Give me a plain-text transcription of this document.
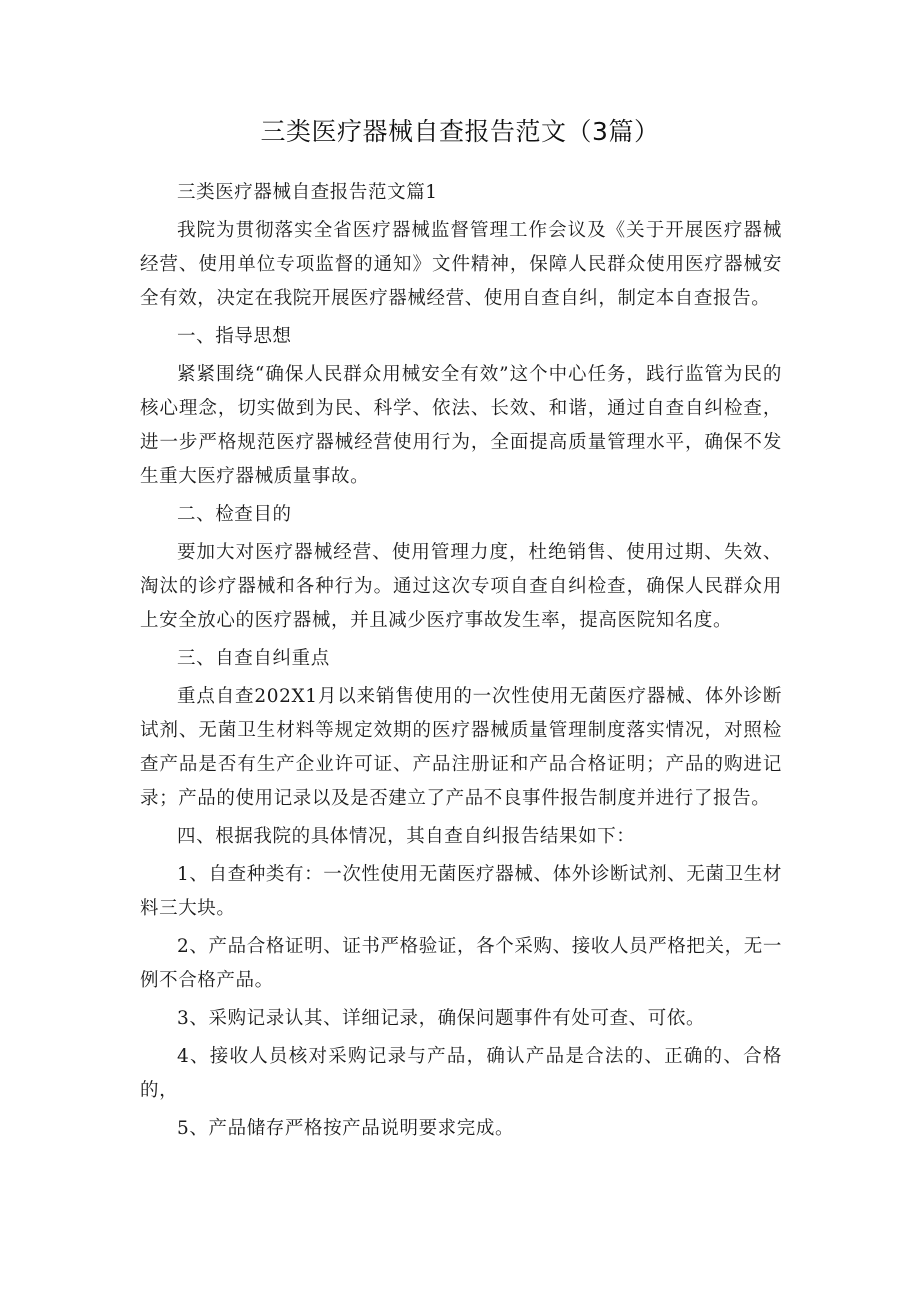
三类医疗器械自查报告范文（3篇）

三类医疗器械自查报告范文篇1

我院为贯彻落实全省医疗器械监督管理工作会议及《关于开展医疗器械经营、使用单位专项监督的通知》文件精神，保障人民群众使用医疗器械安全有效，决定在我院开展医疗器械经营、使用自查自纠，制定本自查报告。

一、指导思想

紧紧围绕“确保人民群众用械安全有效”这个中心任务，践行监管为民的核心理念，切实做到为民、科学、依法、长效、和谐，通过自查自纠检查，进一步严格规范医疗器械经营使用行为，全面提高质量管理水平，确保不发生重大医疗器械质量事故。

二、检查目的

要加大对医疗器械经营、使用管理力度，杜绝销售、使用过期、失效、淘汰的诊疗器械和各种行为。通过这次专项自查自纠检查，确保人民群众用上安全放心的医疗器械，并且减少医疗事故发生率，提高医院知名度。

三、自查自纠重点

重点自查202X1月以来销售使用的一次性使用无菌医疗器械、体外诊断试剂、无菌卫生材料等规定效期的医疗器械质量管理制度落实情况，对照检查产品是否有生产企业许可证、产品注册证和产品合格证明；产品的购进记录；产品的使用记录以及是否建立了产品不良事件报告制度并进行了报告。

四、根据我院的具体情况，其自查自纠报告结果如下：

1、自查种类有：一次性使用无菌医疗器械、体外诊断试剂、无菌卫生材料三大块。

2、产品合格证明、证书严格验证，各个采购、接收人员严格把关，无一例不合格产品。

3、采购记录认其、详细记录，确保问题事件有处可查、可依。

4、接收人员核对采购记录与产品，确认产品是合法的、正确的、合格的，

5、产品储存严格按产品说明要求完成。
